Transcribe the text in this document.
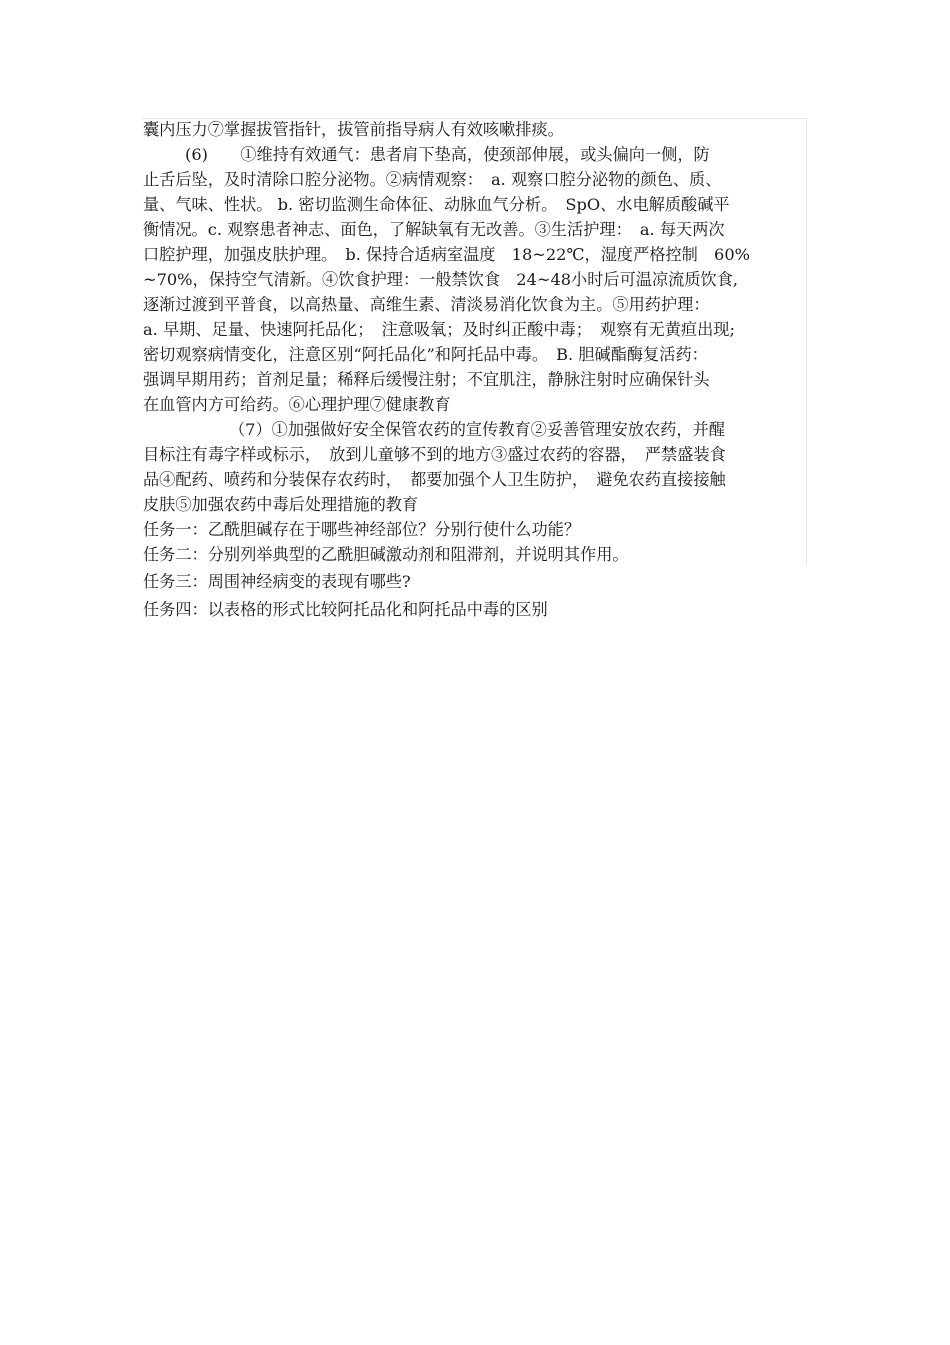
囊内压力⑦掌握拔管指针，拔管前指导病人有效咳嗽排痰。
(6)　　①维持有效通气：患者肩下垫高，使颈部伸展，或头偏向一侧，防
止舌后坠，及时清除口腔分泌物。②病情观察：　a. 观察口腔分泌物的颜色、质、
量、气味、性状。 b. 密切监测生命体征、动脉血气分析。　SpO、水电解质酸碱平
衡情况。c. 观察患者神志、面色，了解缺氧有无改善。③生活护理：　a. 每天两次
口腔护理，加强皮肤护理。　b. 保持合适病室温度　18~22℃，湿度严格控制　60%
~70%，保持空气清新。④饮食护理：一般禁饮食　24~48小时后可温凉流质饮食,
逐渐过渡到平普食，以高热量、高维生素、清淡易消化饮食为主。⑤用药护理：
a. 早期、足量、快速阿托品化；　注意吸氧；及时纠正酸中毒；　观察有无黄疸出现;
密切观察病情变化，注意区别“阿托品化”和阿托品中毒。　B. 胆碱酯酶复活药：
强调早期用药；首剂足量；稀释后缓慢注射；不宜肌注，静脉注射时应确保针头
在血管内方可给药。⑥心理护理⑦健康教育
（7）①加强做好安全保管农药的宣传教育②妥善管理安放农药，并醒
目标注有毒字样或标示，　放到儿童够不到的地方③盛过农药的容器，　严禁盛装食
品④配药、喷药和分装保存农药时，　都要加强个人卫生防护，　避免农药直接接触
皮肤⑤加强农药中毒后处理措施的教育
任务一：乙酰胆碱存在于哪些神经部位？分别行使什么功能？
任务二：分别列举典型的乙酰胆碱激动剂和阻滞剂，并说明其作用。
任务三：周围神经病变的表现有哪些?
任务四：以表格的形式比较阿托品化和阿托品中毒的区别
